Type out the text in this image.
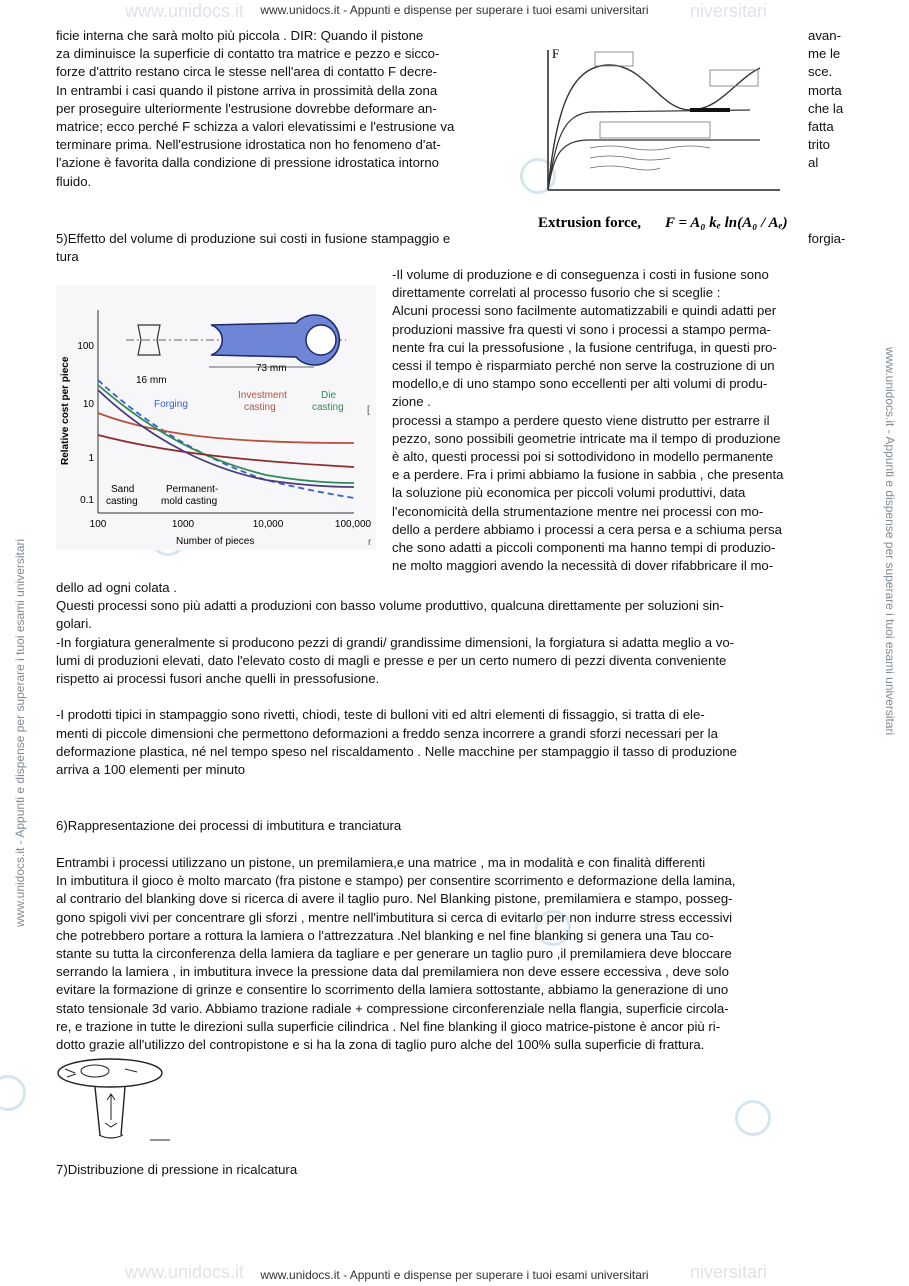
www.unidocs.it	niversitari
www.unidocs.it - Appunti e dispense per superare i tuoi esami universitari
www.unidocs.it	niversitari
www.unidocs.it - Appunti e dispense per superare i tuoi esami universitari
www.unidocs.it - Appunti e dispense per superare i tuoi esami universitari	www.unidocs.it - Appunti e dispense per superare i tuoi esami universitari
ficie interna che sarà molto più piccola . DIR: Quando il pistone
za diminuisce la superficie di contatto tra matrice e pezzo e sicco-
forze d'attrito restano circa le stesse nell'area di contatto F decre-
In entrambi i casi quando il pistone arriva in prossimità della zona
per proseguire ulteriormente l'estrusione dovrebbe deformare an-
matrice; ecco perché F schizza a valori elevatissimi e l'estrusione va
terminare prima. Nell'estrusione idrostatica non ho fenomeno d'at-
l'azione è favorita dalla condizione di pressione idrostatica intorno
fluido.
avan-
me le
sce.
morta
che la
fatta
trito
al
F
Extrusion force, F = A₀ kₑ ln(A₀ / Aₑ)
5)Effetto del volume di produzione sui costi in fusione stampaggio e
tura
forgia-
16 mm
73 mm
100
10
1
0.1
100	1000	10,000	100,000
Relative cost per piece
Number of pieces
Forging
Investment
casting
Die
casting
Sand
casting
Permanent-
mold casting
[
r
-Il volume di produzione e di conseguenza i costi in fusione sono
direttamente correlati al processo fusorio che si sceglie :
Alcuni processi sono facilmente automatizzabili e quindi adatti per
produzioni massive fra questi vi sono i processi a stampo perma-
nente fra cui la pressofusione , la fusione centrifuga, in questi pro-
cessi il tempo è risparmiato perché non serve la costruzione di un
modello,e di uno stampo sono eccellenti per alti volumi di produ-
zione .
processi a stampo a perdere questo viene distrutto per estrarre il
pezzo, sono possibili geometrie intricate ma il tempo di produzione
è alto, questi processi poi si sottodividono in modello permanente
e a perdere. Fra i primi abbiamo la fusione in sabbia , che presenta
la soluzione più economica per piccoli volumi produttivi, data
l'economicità della strumentazione mentre nei processi con mo-
dello a perdere abbiamo i processi a cera persa e a schiuma persa
che sono adatti a piccoli componenti ma hanno tempi di produzio-
ne molto maggiori avendo la necessità di dover rifabbricare il mo-
dello ad ogni colata .
Questi processi sono più adatti a produzioni con basso volume produttivo, qualcuna direttamente per soluzioni sin-
golari.
-In forgiatura generalmente si producono pezzi di grandi/ grandissime dimensioni, la forgiatura si adatta meglio a vo-
lumi di produzioni elevati, dato l'elevato costo di magli e presse e per un certo numero di pezzi diventa conveniente
rispetto ai processi fusori anche quelli in pressofusione.
-I prodotti tipici in stampaggio sono rivetti, chiodi, teste di bulloni viti ed altri elementi di fissaggio, si tratta di ele-
menti di piccole dimensioni che permettono deformazioni a freddo senza incorrere a grandi sforzi necessari per la
deformazione plastica, né nel tempo speso nel riscaldamento . Nelle macchine per stampaggio il tasso di produzione
arriva a 100 elementi per minuto
6)Rappresentazione dei processi di imbutitura e tranciatura
Entrambi i processi utilizzano un pistone, un premilamiera,e una matrice , ma in modalità e con finalità differenti
In imbutitura il gioco è molto marcato (fra pistone e stampo) per consentire scorrimento e deformazione della lamina,
al contrario del blanking dove si ricerca di avere il taglio puro. Nel Blanking pistone, premilamiera e stampo, posseg-
gono spigoli vivi per concentrare gli sforzi , mentre nell'imbutitura si cerca di evitarlo per non indurre stress eccessivi
che potrebbero portare a rottura la lamiera o l'attrezzatura .Nel blanking e nel fine blanking si genera una Tau co-
stante su tutta la circonferenza della lamiera da tagliare e per generare un taglio puro ,il premilamiera deve bloccare
serrando la lamiera , in imbutitura invece la pressione data dal premilamiera non deve essere eccessiva , deve solo
evitare la formazione di grinze e consentire lo scorrimento della lamiera sottostante, abbiamo la generazione di uno
stato tensionale 3d vario. Abbiamo trazione radiale + compressione circonferenziale nella flangia, superficie circola-
re, e trazione in tutte le direzioni sulla superficie cilindrica . Nel fine blanking il gioco matrice-pistone è ancor più ri-
dotto grazie all'utilizzo del contropistone e si ha la zona di taglio puro alche del 100% sulla superficie di frattura.
7)Distribuzione di pressione in ricalcatura
